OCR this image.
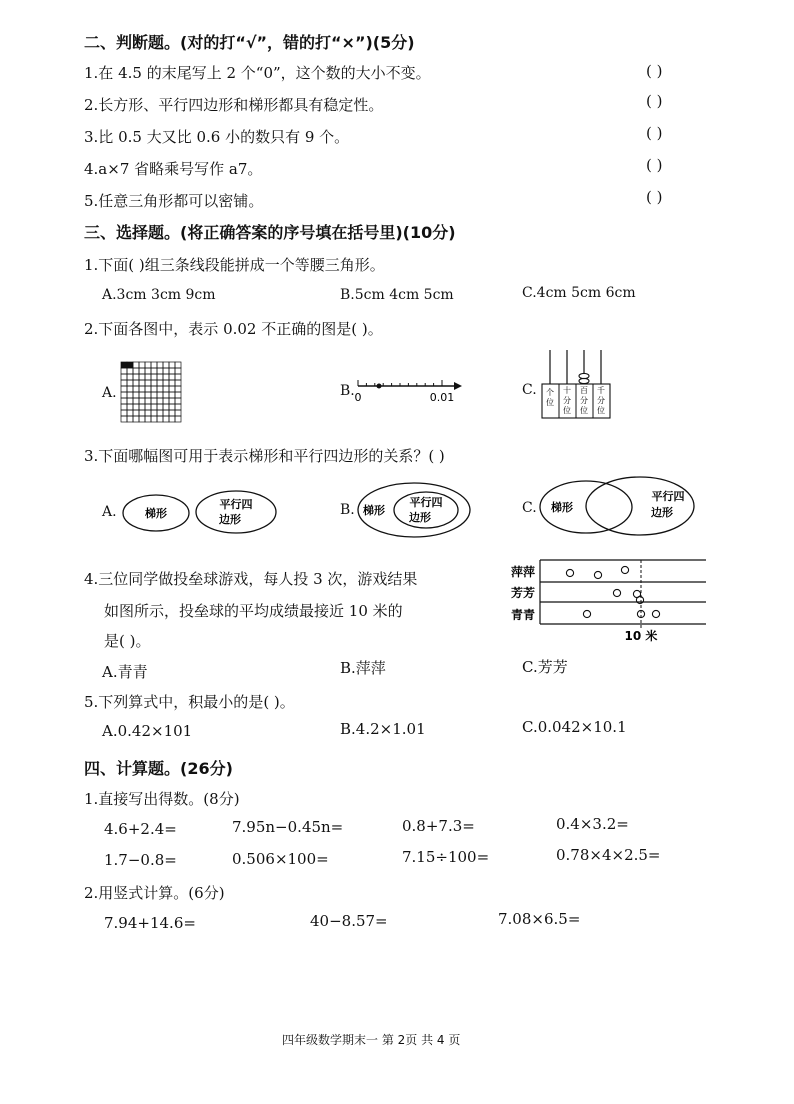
二、判断题。(对的打“√”，错的打“×”)(5分)
1.在 4.5 的末尾写上 2 个“0”，这个数的大小不变。	( )
2.长方形、平行四边形和梯形都具有稳定性。	( )
3.比 0.5 大又比 0.6 小的数只有 9 个。	( )
4.a×7 省略乘号写作 a7。	( )
5.任意三角形都可以密铺。	( )
三、选择题。(将正确答案的序号填在括号里)(10分)
1.下面( )组三条线段能拼成一个等腰三角形。
A.3cm 3cm 9cm	B.5cm 4cm 5cm	C.4cm 5cm 6cm
2.下面各图中，表示 0.02 不正确的图是( )。
A.	B.	C.
0	0.01	个
位
十
分
位
百
分
位
千
分
位
3.下面哪幅图可用于表示梯形和平行四边形的关系？( )
A.	B.	C.
梯形
平行四
边形
梯形
平行四
边形
梯形
平行四
边形
4.三位同学做投垒球游戏，每人投 3 次，游戏结果
如图所示，投垒球的平均成绩最接近 10 米的
是( )。
萍萍
芳芳
青青
10 米
A.青青	B.萍萍	C.芳芳
5.下列算式中，积最小的是( )。
A.0.42×101	B.4.2×1.01	C.0.042×10.1
四、计算题。(26分)
1.直接写出得数。(8分)
4.6+2.4=	7.95n−0.45n=	0.8+7.3=	0.4×3.2=
1.7−0.8=	0.506×100=	7.15÷100=	0.78×4×2.5=
2.用竖式计算。(6分)
7.94+14.6=	40−8.57=	7.08×6.5=
四年级数学期末一 第 2页 共 4 页
